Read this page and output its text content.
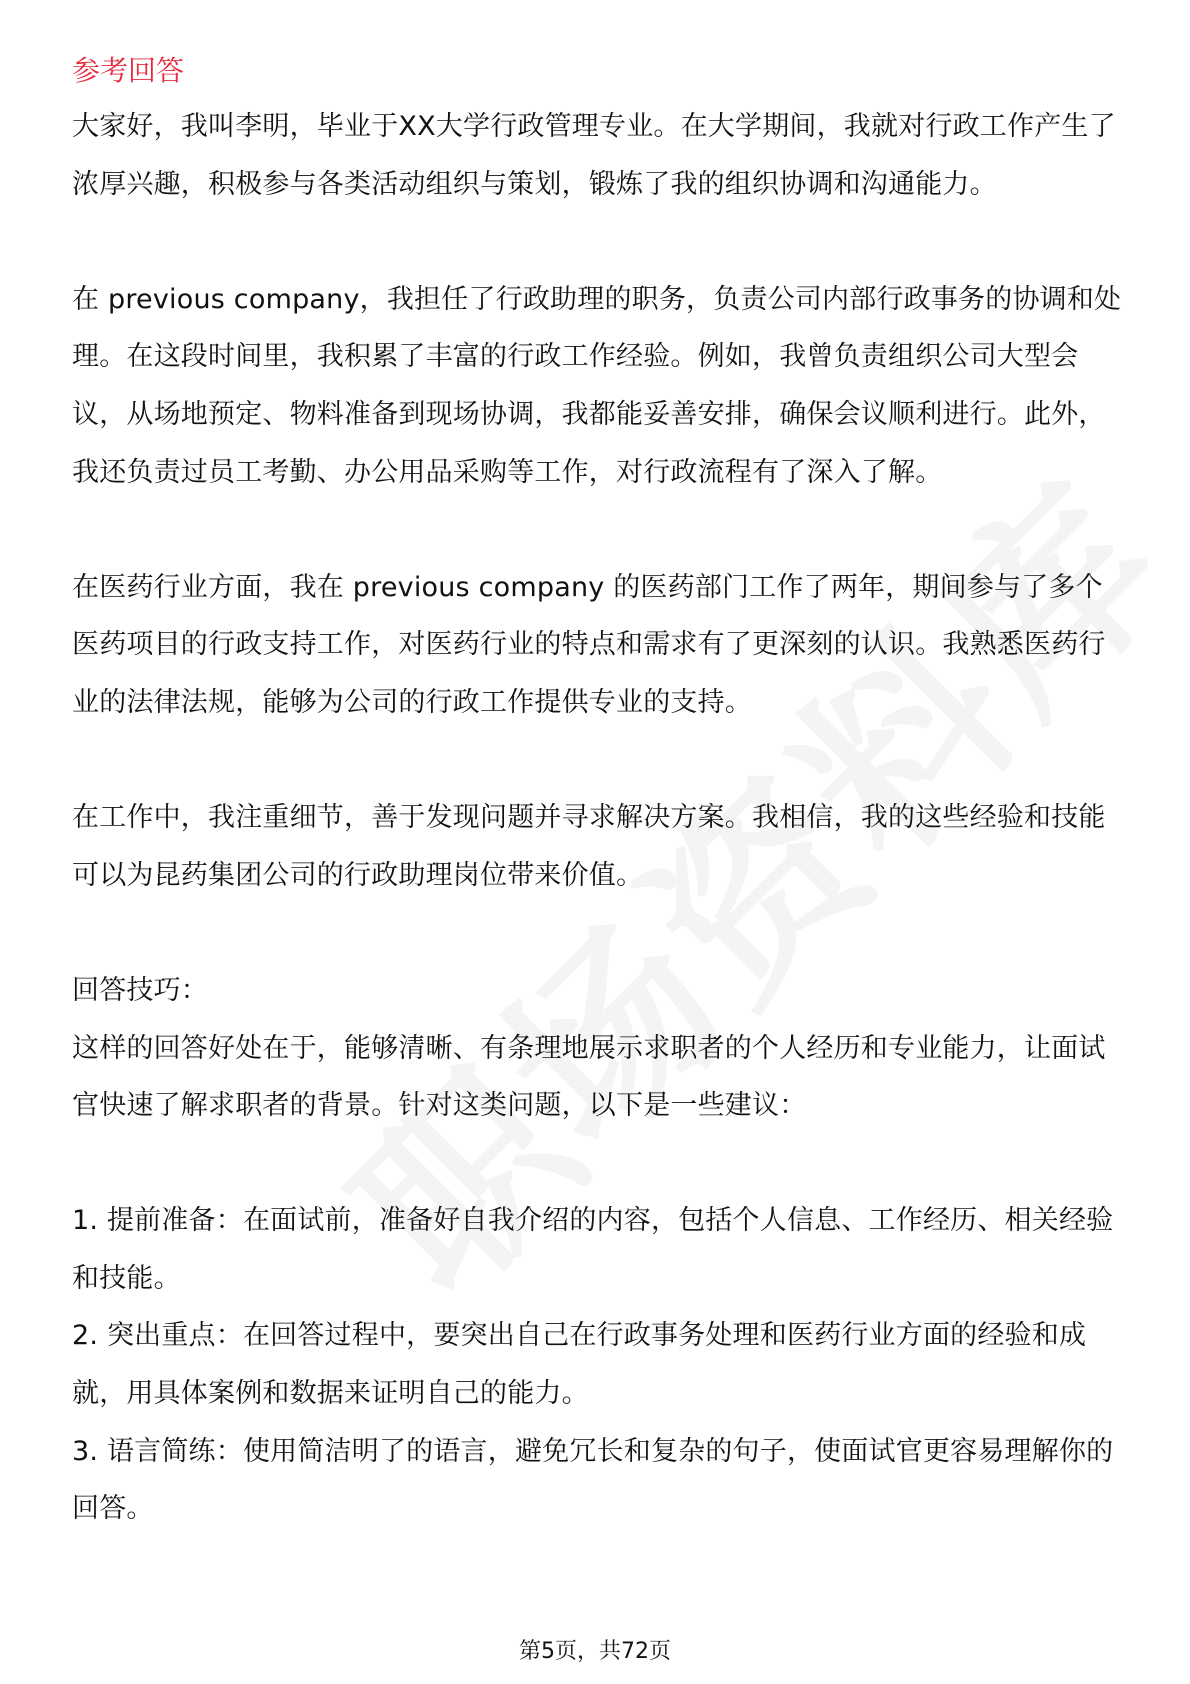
参考回答

大家好，我叫李明，毕业于XX大学行政管理专业。在大学期间，我就对行政工作产生了浓厚兴趣，积极参与各类活动组织与策划，锻炼了我的组织协调和沟通能力。

在 previous company，我担任了行政助理的职务，负责公司内部行政事务的协调和处理。在这段时间里，我积累了丰富的行政工作经验。例如，我曾负责组织公司大型会议，从场地预定、物料准备到现场协调，我都能妥善安排，确保会议顺利进行。此外，我还负责过员工考勤、办公用品采购等工作，对行政流程有了深入了解。

在医药行业方面，我在 previous company 的医药部门工作了两年，期间参与了多个医药项目的行政支持工作，对医药行业的特点和需求有了更深刻的认识。我熟悉医药行业的法律法规，能够为公司的行政工作提供专业的支持。

在工作中，我注重细节，善于发现问题并寻求解决方案。我相信，我的这些经验和技能可以为昆药集团公司的行政助理岗位带来价值。

回答技巧：

这样的回答好处在于，能够清晰、有条理地展示求职者的个人经历和专业能力，让面试官快速了解求职者的背景。针对这类问题，以下是一些建议：

1. 提前准备：在面试前，准备好自我介绍的内容，包括个人信息、工作经历、相关经验和技能。

2. 突出重点：在回答过程中，要突出自己在行政事务处理和医药行业方面的经验和成就，用具体案例和数据来证明自己的能力。

3. 语言简练：使用简洁明了的语言，避免冗长和复杂的句子，使面试官更容易理解你的回答。

第5页，共72页
